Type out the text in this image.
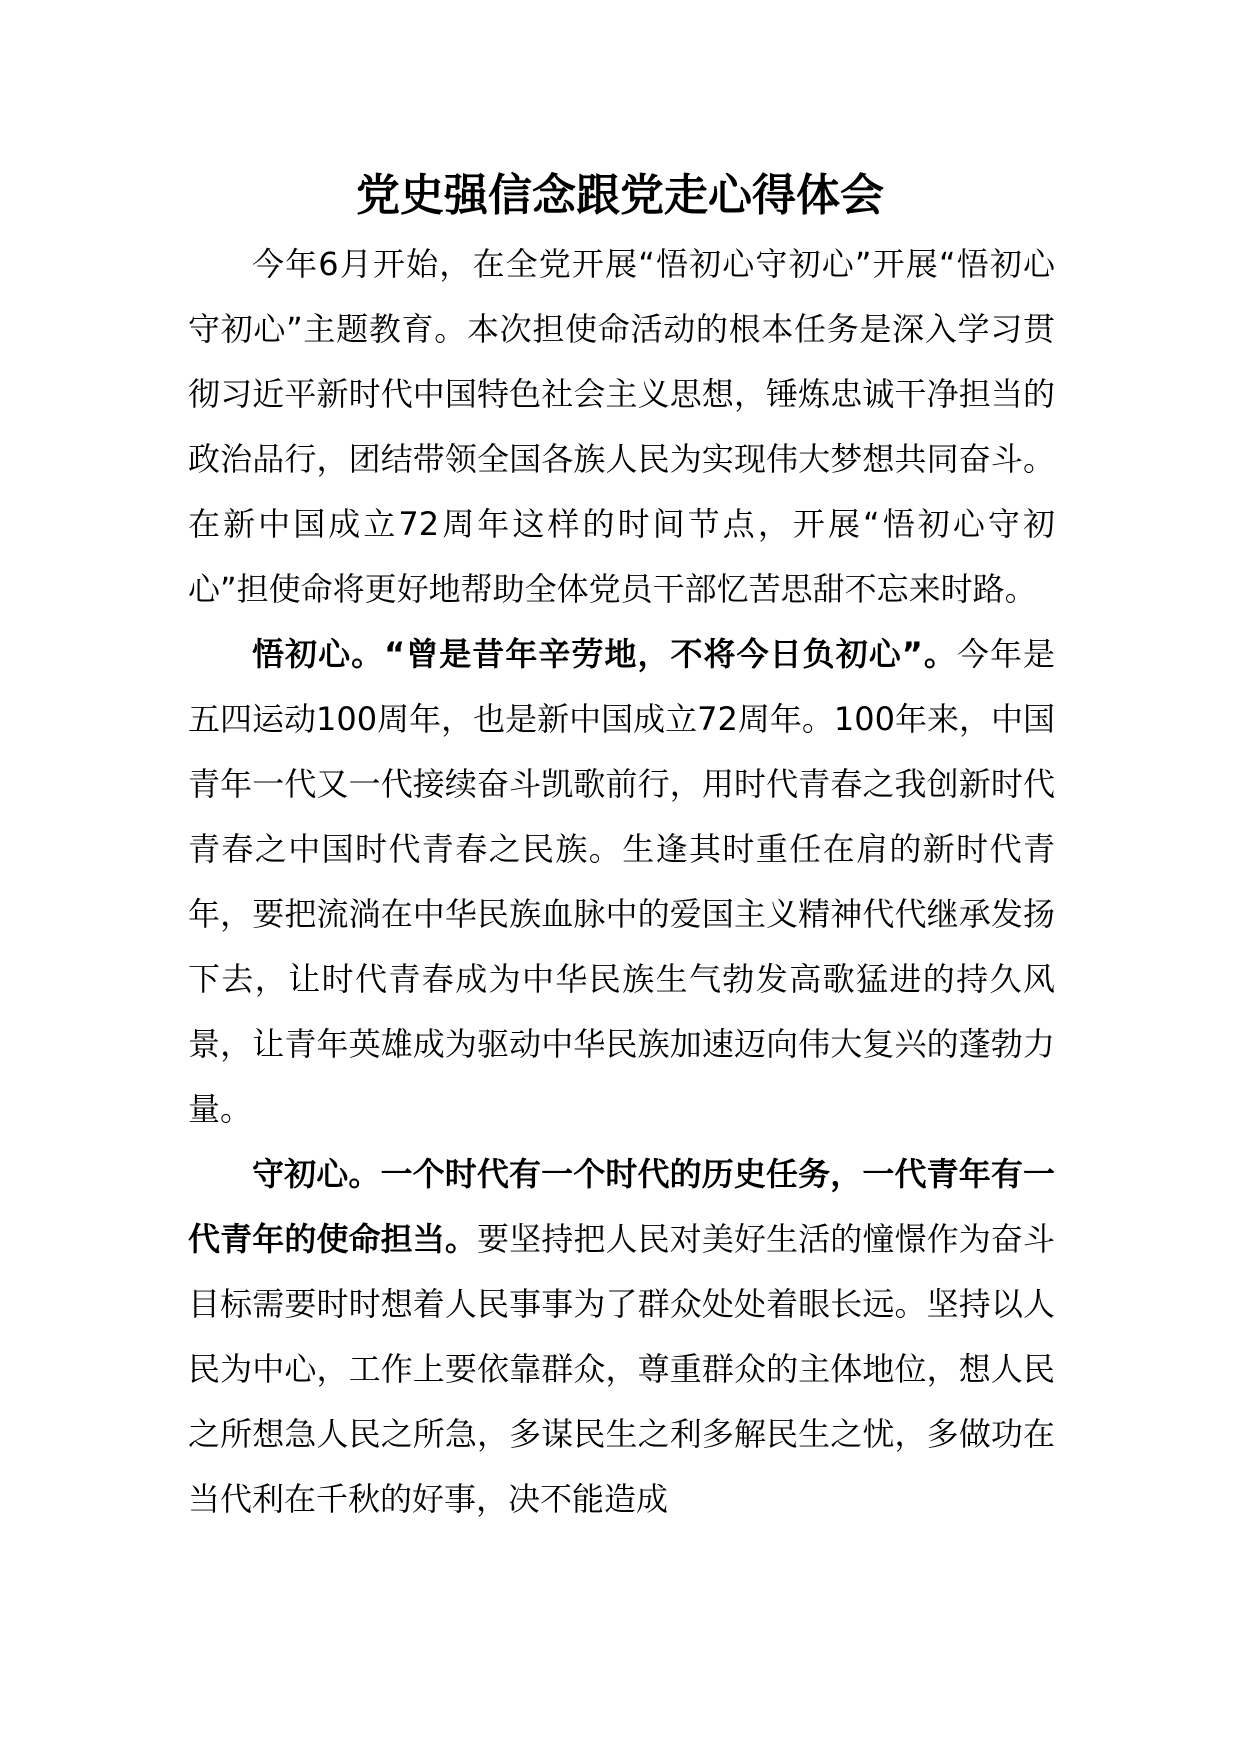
党史强信念跟党走心得体会

今年6月开始，在全党开展“悟初心守初心”开展“悟初心守初心”主题教育。本次担使命活动的根本任务是深入学习贯彻习近平新时代中国特色社会主义思想，锤炼忠诚干净担当的政治品行，团结带领全国各族人民为实现伟大梦想共同奋斗。在新中国成立72周年这样的时间节点，开展“悟初心守初心”担使命将更好地帮助全体党员干部忆苦思甜不忘来时路。

悟初心。“曾是昔年辛劳地，不将今日负初心”。今年是五四运动100周年，也是新中国成立72周年。100年来，中国青年一代又一代接续奋斗凯歌前行，用时代青春之我创新时代青春之中国时代青春之民族。生逢其时重任在肩的新时代青年，要把流淌在中华民族血脉中的爱国主义精神代代继承发扬下去，让时代青春成为中华民族生气勃发高歌猛进的持久风景，让青年英雄成为驱动中华民族加速迈向伟大复兴的蓬勃力量。

守初心。一个时代有一个时代的历史任务，一代青年有一代青年的使命担当。要坚持把人民对美好生活的憧憬作为奋斗目标需要时时想着人民事事为了群众处处着眼长远。坚持以人民为中心，工作上要依靠群众，尊重群众的主体地位，想人民之所想急人民之所急，多谋民生之利多解民生之忧，多做功在当代利在千秋的好事，决不能造成
